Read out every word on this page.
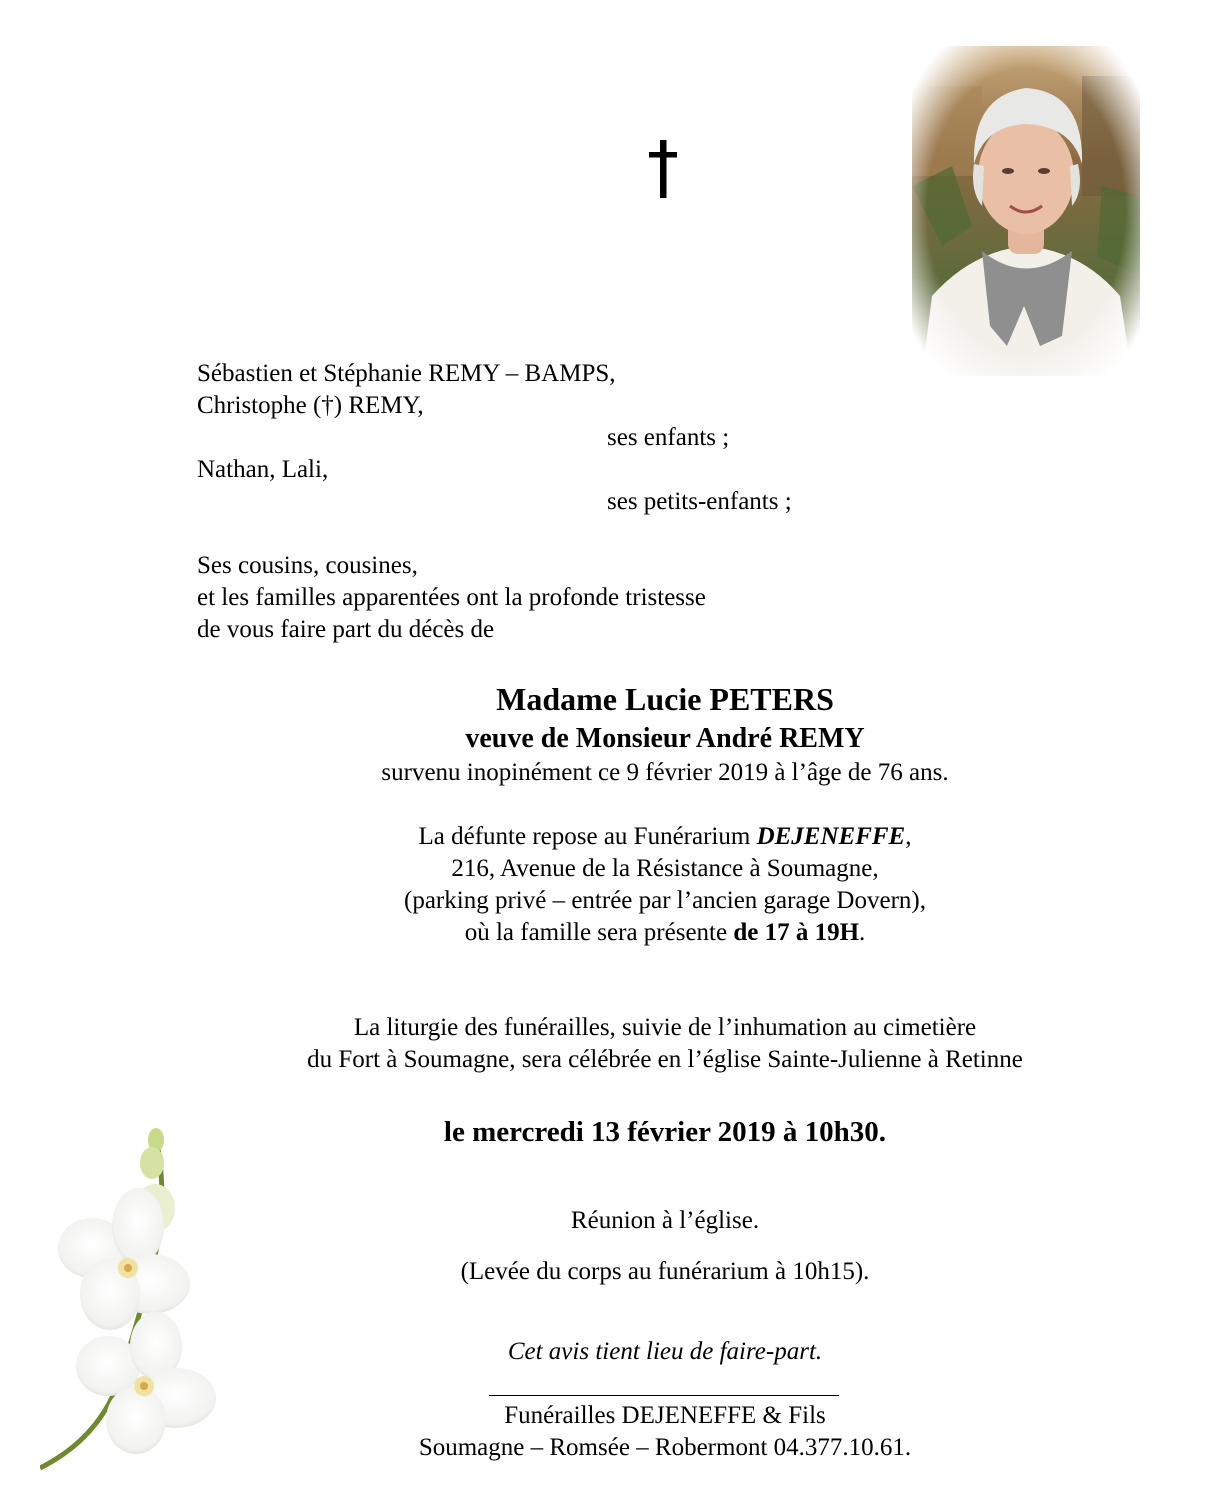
Sébastien et Stéphanie REMY – BAMPS,
Christophe (†) REMY,
ses enfants ;
Nathan, Lali,
ses petits-enfants ;
Ses cousins, cousines,
et les familles apparentées ont la profonde tristesse
de vous faire part du décès de
Madame Lucie PETERS
veuve de Monsieur André REMY
survenu inopinément ce 9 février 2019 à l’âge de 76 ans.
La défunte repose au Funérarium DEJENEFFE,
216, Avenue de la Résistance à Soumagne,
(parking privé – entrée par l’ancien garage Dovern),
où la famille sera présente de 17 à 19H.
La liturgie des funérailles, suivie de l’inhumation au cimetière
du Fort à Soumagne, sera célébrée en l’église Sainte-Julienne à Retinne
le mercredi 13 février 2019 à 10h30.
Réunion à l’église.
(Levée du corps au funérarium à 10h15).
Cet avis tient lieu de faire-part.
Funérailles DEJENEFFE & Fils
Soumagne – Romsée – Robermont 04.377.10.61.
